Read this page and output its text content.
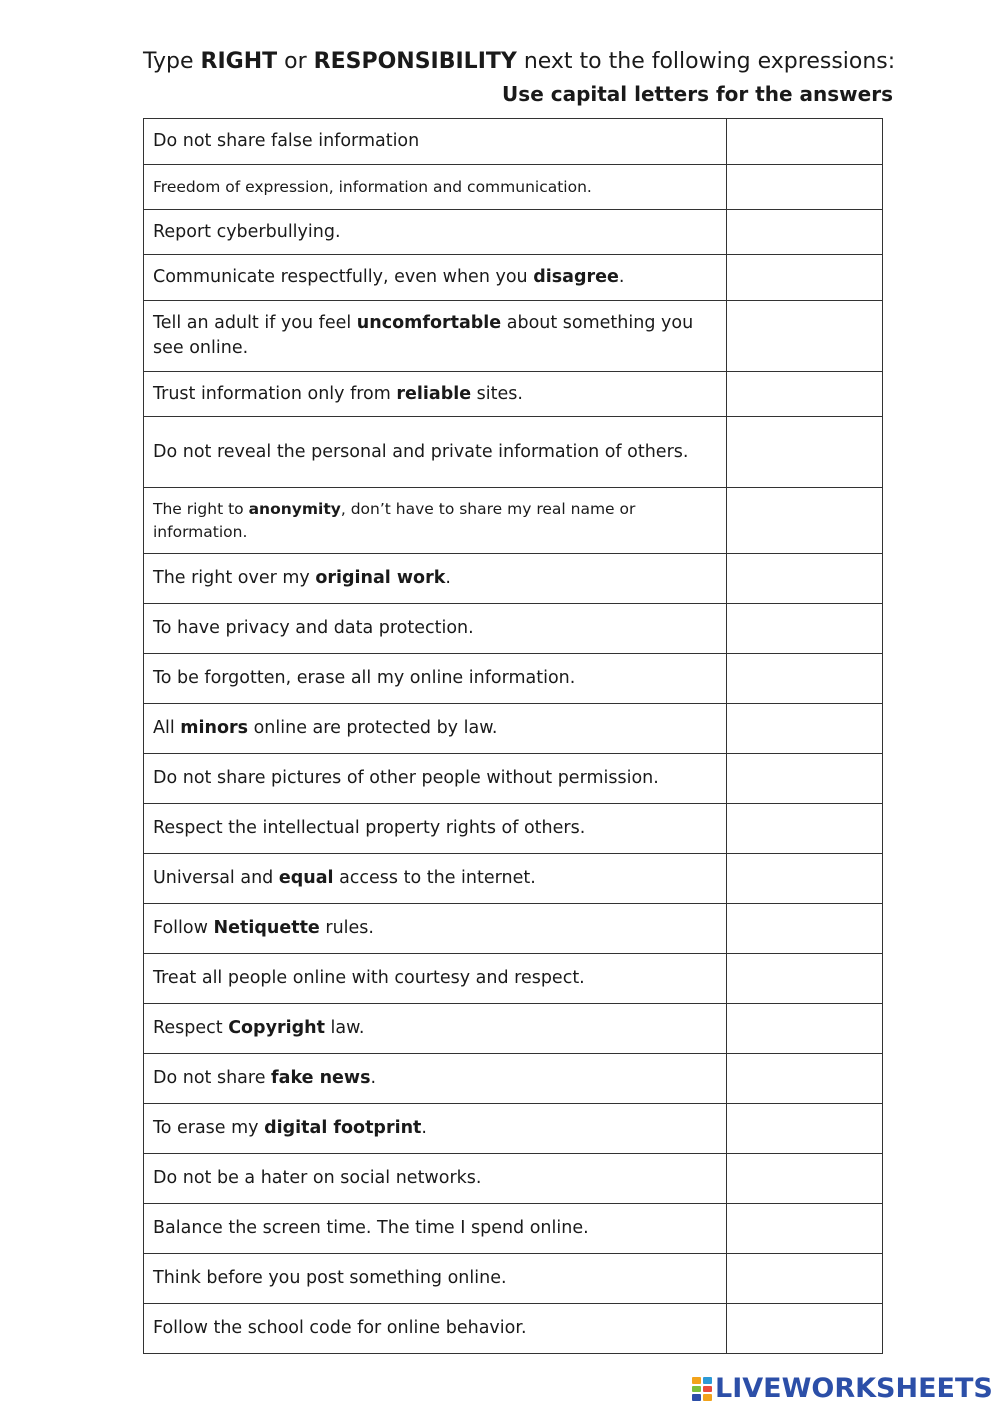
Type RIGHT or RESPONSIBILITY next to the following expressions:
Use capital letters for the answers
Do not share false information	
Freedom of expression, information and communication.	
Report cyberbullying.	
Communicate respectfully, even when you disagree.	
Tell an adult if you feel uncomfortable about something you see online.	
Trust information only from reliable sites.	
Do not reveal the personal and private information of others.	
The right to anonymity, don’t have to share my real name or information.	
The right over my original work.	
To have privacy and data protection.	
To be forgotten, erase all my online information.	
All minors online are protected by law.	
Do not share pictures of other people without permission.	
Respect the intellectual property rights of others.	
Universal and equal access to the internet.	
Follow Netiquette rules.	
Treat all people online with courtesy and respect.	
Respect Copyright law.	
Do not share fake news.	
To erase my digital footprint.	
Do not be a hater on social networks.	
Balance the screen time. The time I spend online.	
Think before you post something online.	
Follow the school code for online behavior.	
LIVEWORKSHEETS
